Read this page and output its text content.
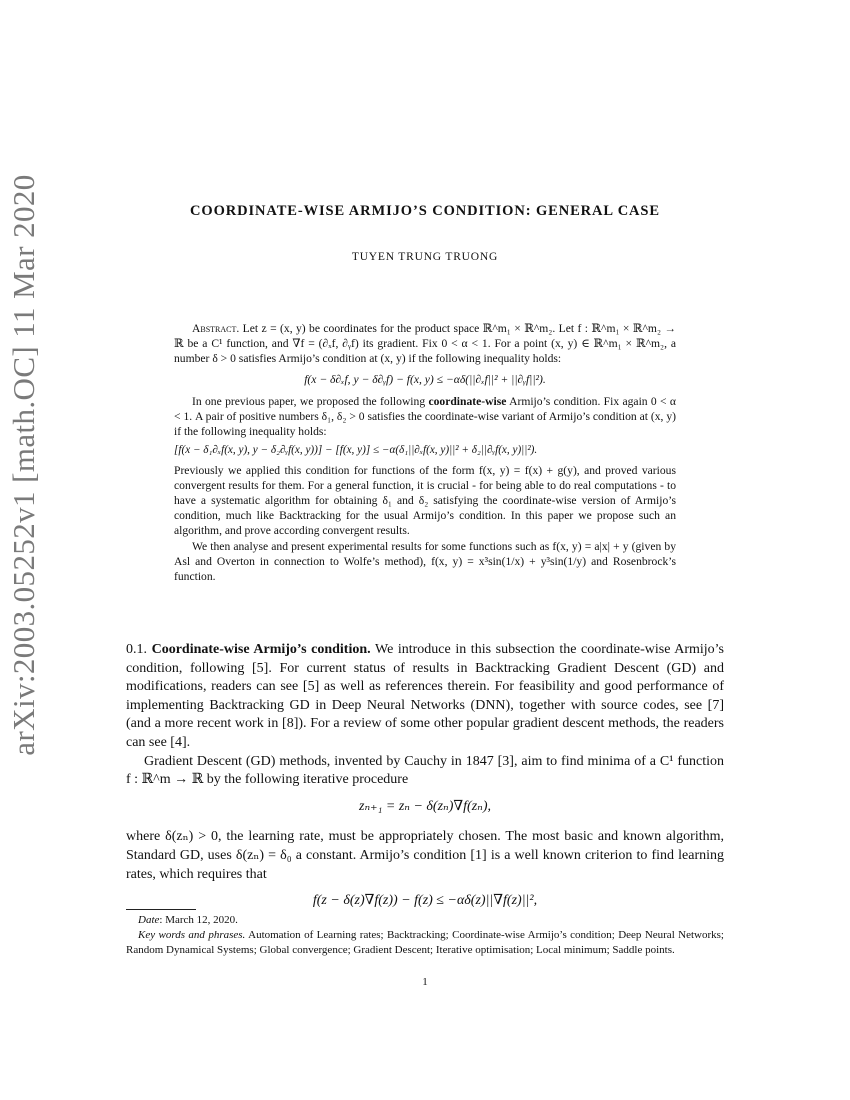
arXiv:2003.05252v1 [math.OC] 11 Mar 2020	COORDINATE-WISE ARMIJO’S CONDITION: GENERAL CASE
TUYEN TRUNG TRUONG

Abstract. Let z = (x, y) be coordinates for the product space ℝ^m₁ × ℝ^m₂. Let f : ℝ^m₁ × ℝ^m₂ → ℝ be a C¹ function, and ∇f = (∂ₓf, ∂ᵧf) its gradient. Fix 0 < α < 1. For a point (x, y) ∈ ℝ^m₁ × ℝ^m₂, a number δ > 0 satisfies Armijo’s condition at (x, y) if the following inequality holds:

f(x − δ∂ₓf, y − δ∂ᵧf) − f(x, y) ≤ −αδ(||∂ₓf||² + ||∂ᵧf||²).

In one previous paper, we proposed the following coordinate-wise Armijo’s condition. Fix again 0 < α < 1. A pair of positive numbers δ₁, δ₂ > 0 satisfies the coordinate-wise variant of Armijo’s condition at (x, y) if the following inequality holds:

[f(x − δ₁∂ₓf(x, y), y − δ₂∂ᵧf(x, y))] − [f(x, y)] ≤ −α(δ₁||∂ₓf(x, y)||² + δ₂||∂ᵧf(x, y)||²).

Previously we applied this condition for functions of the form f(x, y) = f(x) + g(y), and proved various convergent results for them. For a general function, it is crucial - for being able to do real computations - to have a systematic algorithm for obtaining δ₁ and δ₂ satisfying the coordinate-wise version of Armijo’s condition, much like Backtracking for the usual Armijo’s condition. In this paper we propose such an algorithm, and prove according convergent results.

We then analyse and present experimental results for some functions such as f(x, y) = a|x| + y (given by Asl and Overton in connection to Wolfe’s method), f(x, y) = x³sin(1/x) + y³sin(1/y) and Rosenbrock’s function.

0.1. Coordinate-wise Armijo’s condition. We introduce in this subsection the coordinate-wise Armijo’s condition, following [5]. For current status of results in Backtracking Gradient Descent (GD) and modifications, readers can see [5] as well as references therein. For feasibility and good performance of implementing Backtracking GD in Deep Neural Networks (DNN), together with source codes, see [7] (and a more recent work in [8]). For a review of some other popular gradient descent methods, the readers can see [4].

Gradient Descent (GD) methods, invented by Cauchy in 1847 [3], aim to find minima of a C¹ function f : ℝ^m → ℝ by the following iterative procedure

zₙ₊₁ = zₙ − δ(zₙ)∇f(zₙ),

where δ(zₙ) > 0, the learning rate, must be appropriately chosen. The most basic and known algorithm, Standard GD, uses δ(zₙ) = δ₀ a constant. Armijo’s condition [1] is a well known criterion to find learning rates, which requires that

f(z − δ(z)∇f(z)) − f(z) ≤ −αδ(z)||∇f(z)||²,

Date: March 12, 2020.

Key words and phrases. Automation of Learning rates; Backtracking; Coordinate-wise Armijo’s condition; Deep Neural Networks; Random Dynamical Systems; Global convergence; Gradient Descent; Iterative optimisation; Local minimum; Saddle points.

1
